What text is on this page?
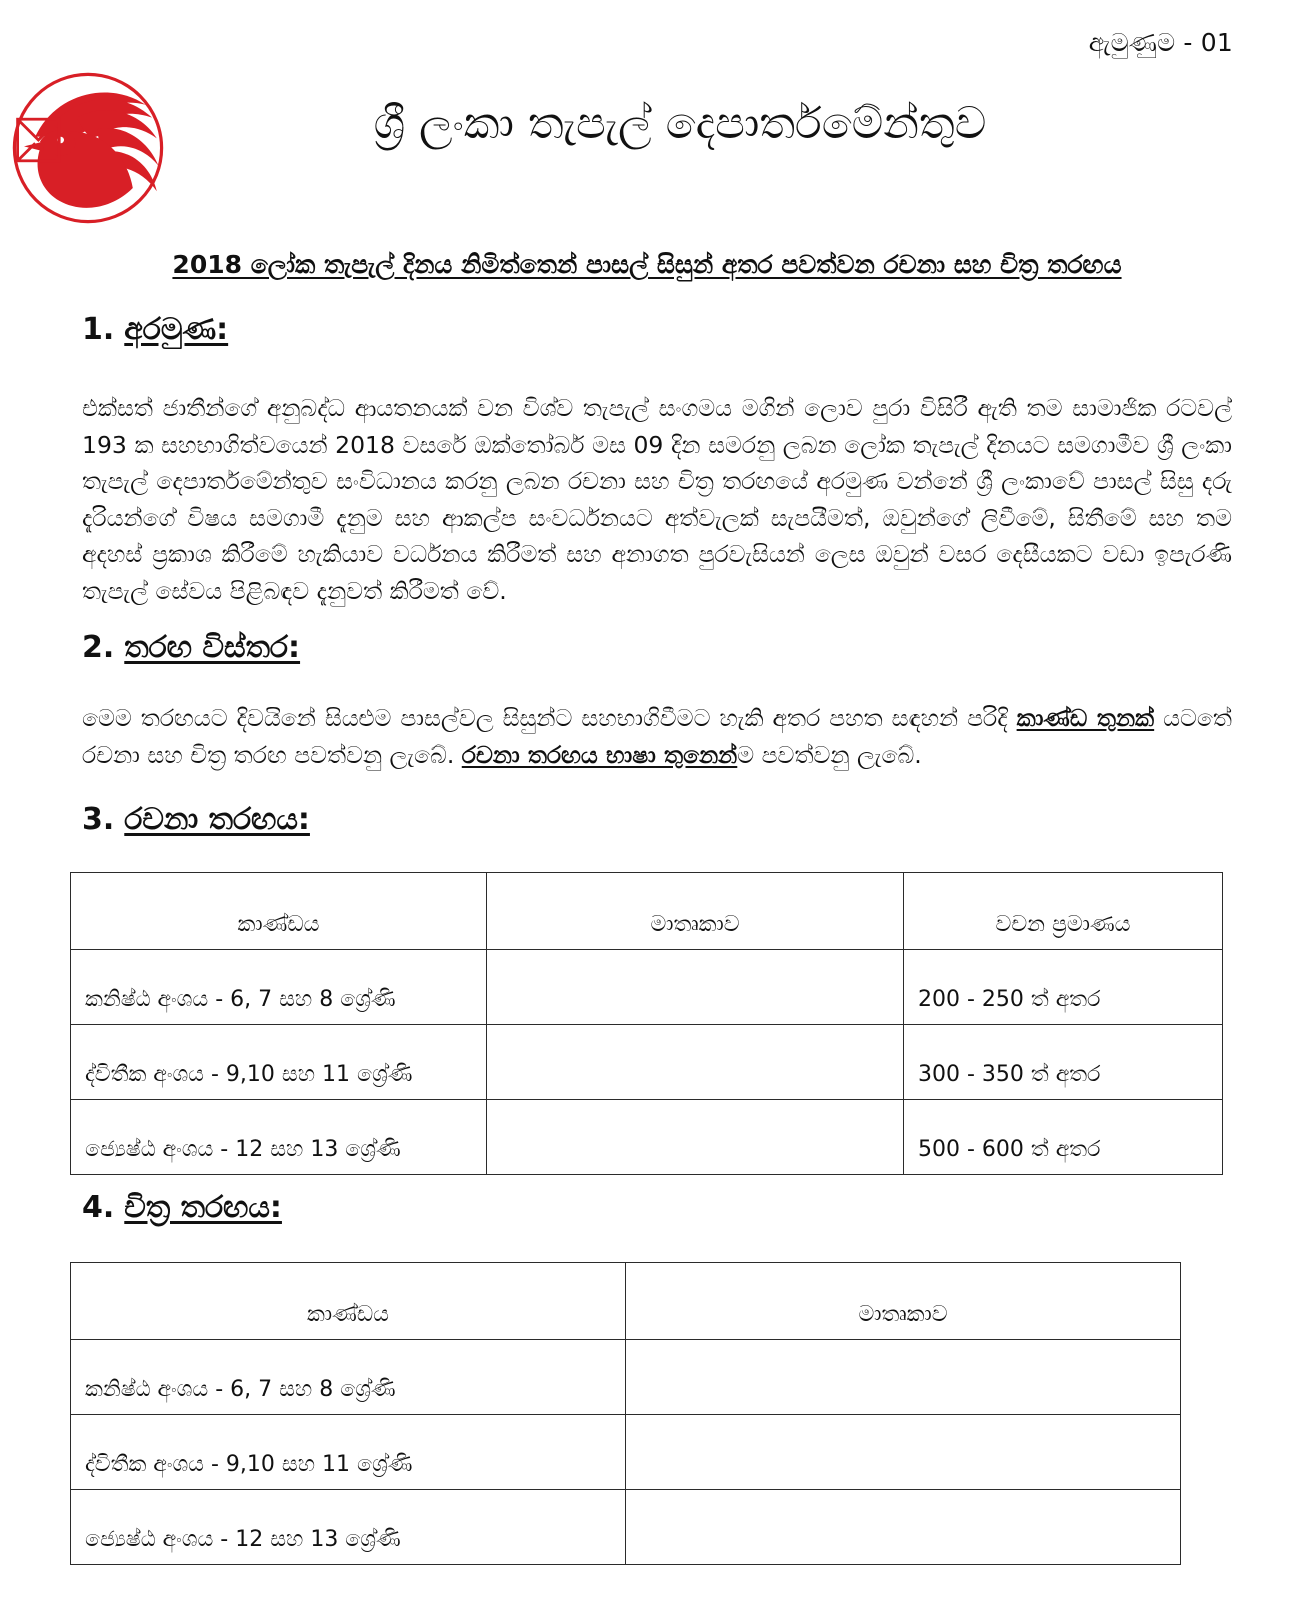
ඇමුණුම - 01
ශ්‍රී ලංකා තැපැල් දෙපාර්තමේන්තුව
2018 ලෝක තැපැල් දිනය නිමිත්තෙන් පාසල් සිසුන් අතර පවත්වන රචනා සහ චිත්‍ර තරඟය
1. අරමුණ:
එක්සත් ජාතීන්ගේ අනුබද්ධ ආයතනයක් වන විශ්ව තැපැල් සංගමය මගින් ලොව පුරා විසිරී ඇති තම සාමාජික රටවල් 193 ක සහභාගිත්වයෙන් 2018 වසරේ ඔක්තෝබර් මස 09 දින සමරනු ලබන ලෝක තැපැල් දිනයට සමගාමීව ශ්‍රී ලංකා තැපැල් දෙපාර්තමේන්තුව සංවිධානය කරනු ලබන රචනා සහ චිත්‍ර තරඟයේ අරමුණ වන්නේ ශ්‍රී ලංකාවේ පාසල් සිසු දරු දැරියන්ගේ විෂය සමගාමී දැනුම සහ ආකල්ප සංවර්ධනයට අත්වැලක් සැපයීමත්, ඔවුන්ගේ ලිවීමේ, සිතීමේ සහ තම අදහස් ප්‍රකාශ කිරීමේ හැකියාව වර්ධනය කිරීමත් සහ අනාගත පුරවැසියන් ලෙස ඔවුන් වසර දෙසීයකට වඩා ඉපැරණි තැපැල් සේවය පිළිබඳව දැනුවත් කිරීමත් වේ.
2. තරඟ විස්තර:
මෙම තරඟයට දිවයිනේ සියළුම පාසල්වල සිසුන්ට සහභාගිවීමට හැකි අතර පහත සඳහන් පරිදි කාණ්ඩ තුනක් යටතේ රචනා සහ චිත්‍ර තරඟ පවත්වනු ලැබේ. රචනා තරඟය භාෂා තුනෙන්ම පවත්වනු ලැබේ.
3. රචනා තරඟය:
කාණ්ඩය	මාතෘකාව	වචන ප්‍රමාණය
කනිෂ්ඨ අංශය - 6, 7 සහ 8 ශ්‍රේණි		200 - 250 ත් අතර
ද්විතීක අංශය - 9,10 සහ 11 ශ්‍රේණි		300 - 350 ත් අතර
ජ්‍යෙෂ්ඨ අංශය - 12 සහ 13 ශ්‍රේණි		500 - 600 ත් අතර
4. චිත්‍ර තරඟය:
කාණ්ඩය	මාතෘකාව
කනිෂ්ඨ අංශය - 6, 7 සහ 8 ශ්‍රේණි	
ද්විතීක අංශය - 9,10 සහ 11 ශ්‍රේණි	
ජ්‍යෙෂ්ඨ අංශය - 12 සහ 13 ශ්‍රේණි	
